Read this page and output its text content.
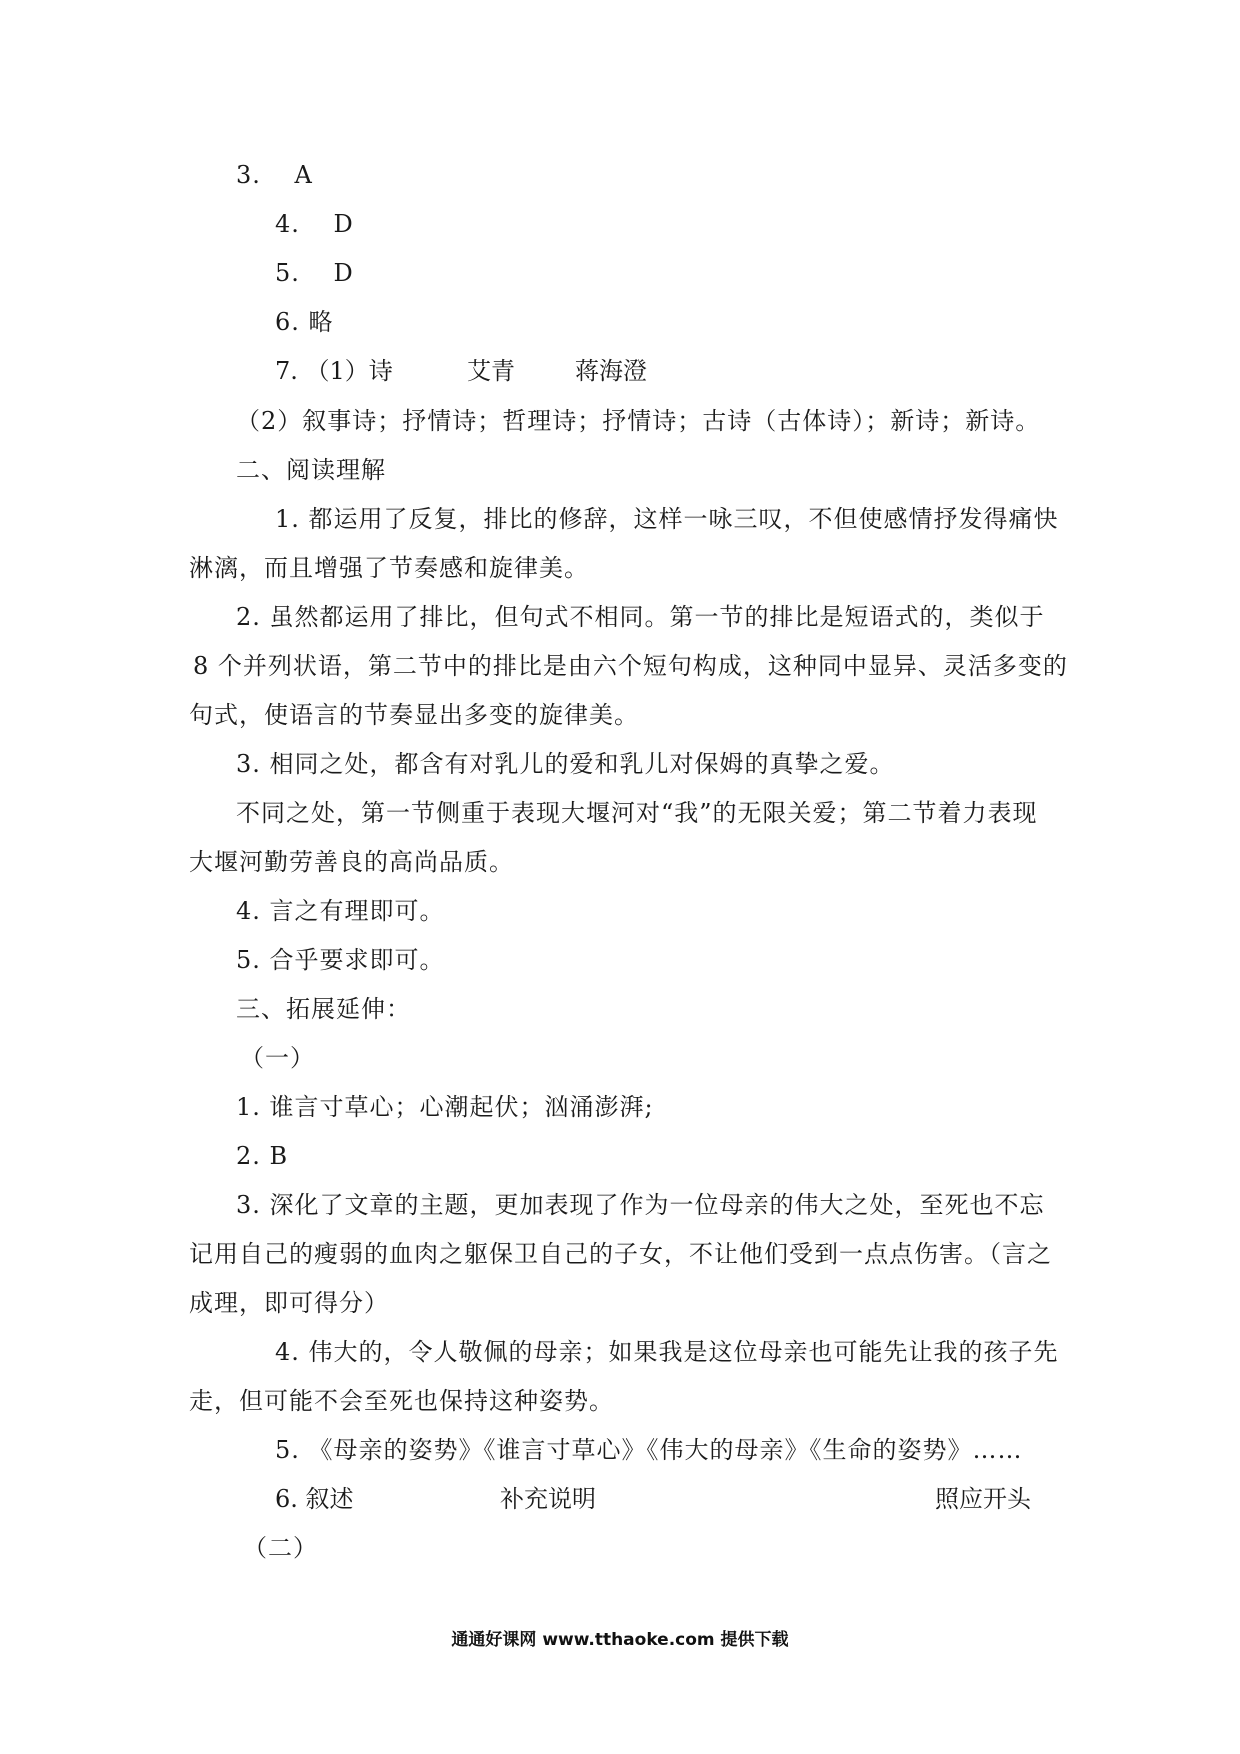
3.　 A
4.　 D
5.　 D
6. 略
7. （1）诗	艾青	蒋海澄
（2）叙事诗；抒情诗；哲理诗；抒情诗；古诗（古体诗）；新诗；新诗。
二、阅读理解
1. 都运用了反复，排比的修辞，这样一咏三叹，不但使感情抒发得痛快
淋漓，而且增强了节奏感和旋律美。
2. 虽然都运用了排比，但句式不相同。第一节的排比是短语式的，类似于
8 个并列状语，第二节中的排比是由六个短句构成，这种同中显异、灵活多变的
句式，使语言的节奏显出多变的旋律美。
3. 相同之处，都含有对乳儿的爱和乳儿对保姆的真挚之爱。
不同之处，第一节侧重于表现大堰河对“我”的无限关爱；第二节着力表现
大堰河勤劳善良的高尚品质。
4. 言之有理即可。
5. 合乎要求即可。
三、拓展延伸：
（一）
1. 谁言寸草心；心潮起伏；汹涌澎湃;
2. B
3. 深化了文章的主题，更加表现了作为一位母亲的伟大之处，至死也不忘
记用自己的瘦弱的血肉之躯保卫自己的子女，不让他们受到一点点伤害。（言之
成理，即可得分）
4. 伟大的，令人敬佩的母亲；如果我是这位母亲也可能先让我的孩子先
走，但可能不会至死也保持这种姿势。
5. 《母亲的姿势》《谁言寸草心》《伟大的母亲》《生命的姿势》……
6. 叙述	补充说明	照应开头
（二）
通通好课网 www.tthaoke.com 提供下载
